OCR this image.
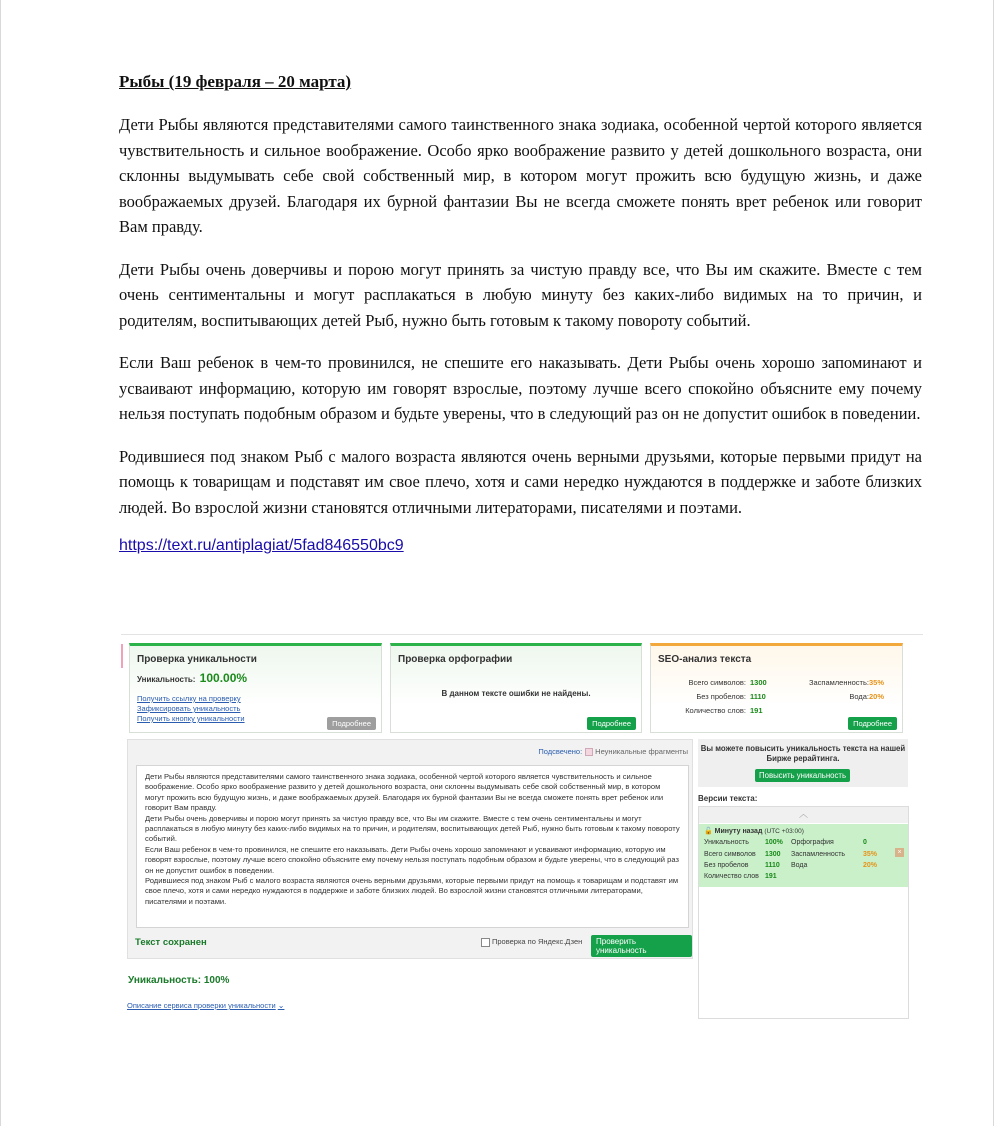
Рыбы (19 февраля – 20 марта)

Дети Рыбы являются представителями самого таинственного знака зодиака, особенной чертой которого является чувствительность и сильное воображение. Особо ярко воображение развито у детей дошкольного возраста, они склонны выдумывать себе свой собственный мир, в котором могут прожить всю будущую жизнь, и даже воображаемых друзей. Благодаря их бурной фантазии Вы не всегда сможете понять врет ребенок или говорит Вам правду.

Дети Рыбы очень доверчивы и порою могут принять за чистую правду все, что Вы им скажите. Вместе с тем очень сентиментальны и могут расплакаться в любую минуту без каких-либо видимых на то причин, и родителям, воспитывающих детей Рыб, нужно быть готовым к такому повороту событий.

Если Ваш ребенок в чем-то провинился, не спешите его наказывать. Дети Рыбы очень хорошо запоминают и усваивают информацию, которую им говорят взрослые, поэтому лучше всего спокойно объясните ему почему нельзя поступать подобным образом и будьте уверены, что в следующий раз он не допустит ошибок в поведении.

Родившиеся под знаком Рыб с малого возраста являются очень верными друзьями, которые первыми придут на помощь к товарищам и подставят им свое плечо, хотя и сами нередко нуждаются в поддержке и заботе близких людей. Во взрослой жизни становятся отличными литераторами, писателями и поэтами.

https://text.ru/antiplagiat/5fad846550bc9
Проверка уникальности
Уникальность: 100.00%
Получить ссылку на проверку
Зафиксировать уникальность
Получить кнопку уникальности
Подробнее
Проверка орфографии
В данном тексте ошибки не найдены.
Подробнее
SEO-анализ текста
Всего символов: 1300	Заспамленность: 35%
Без пробелов: 1110	Вода: 20%
Количество слов: 191
Подробнее
Подсвечено: Неуникальные фрагменты
Дети Рыбы являются представителями самого таинственного знака зодиака, особенной чертой которого является чувствительность и сильное воображение. Особо ярко воображение развито у детей дошкольного возраста, они склонны выдумывать себе свой собственный мир, в котором могут прожить всю будущую жизнь, и даже воображаемых друзей. Благодаря их бурной фантазии Вы не всегда сможете понять врет ребенок или говорит Вам правду.
Дети Рыбы очень доверчивы и порою могут принять за чистую правду все, что Вы им скажите. Вместе с тем очень сентиментальны и могут расплакаться в любую минуту без каких-либо видимых на то причин, и родителям, воспитывающих детей Рыб, нужно быть готовым к такому повороту событий.
Если Ваш ребенок в чем-то провинился, не спешите его наказывать. Дети Рыбы очень хорошо запоминают и усваивают информацию, которую им говорят взрослые, поэтому лучше всего спокойно объясните ему почему нельзя поступать подобным образом и будьте уверены, что в следующий раз он не допустит ошибок в поведении.
Родившиеся под знаком Рыб с малого возраста являются очень верными друзьями, которые первыми придут на помощь к товарищам и подставят им свое плечо, хотя и сами нередко нуждаются в поддержке и заботе близких людей. Во взрослой жизни становятся отличными литераторами, писателями и поэтами.
Текст сохранен	Проверка по Яндекс.Дзен	Проверить уникальность
Уникальность: 100%
Описание сервиса проверки уникальности ⌄
Вы можете повысить уникальность текста на нашей Бирже рерайтинга.
Повысить уникальность
Версии текста:
︿
🔓 Минуту назад (UTC +03:00)
Уникальность 100% Орфография	0
Всего символов 1300 Заспамленность	35%
Без пробелов 1110 Вода	20%
Количество слов 191
×
